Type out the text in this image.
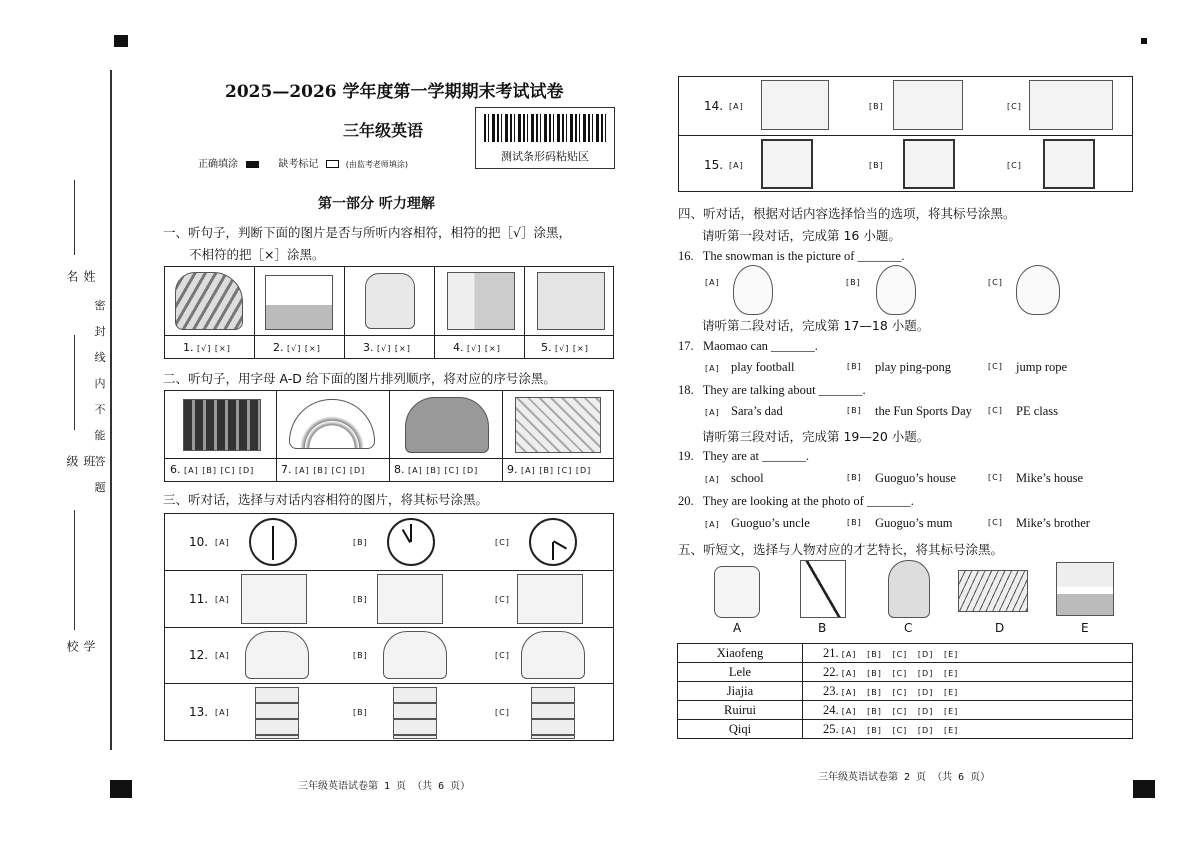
姓名
班级
学校
密
封
线
内
不
能
答
题
2025—2026 学年度第一学期期末考试试卷
三年级英语
正确填涂	缺考标记	(由监考老师填涂)
测试条形码粘贴区
第一部分 听力理解
一、听句子，判断下面的图片是否与所听内容相符，相符的把［√］涂黑，
不相符的把［×］涂黑。
1. [√] [×]	2. [√] [×]	3. [√] [×]	4. [√] [×]	5. [√] [×]
二、听句子，用字母 A-D 给下面的图片排列顺序，将对应的序号涂黑。
6. [A] [B] [C] [D] 7. [A] [B] [C] [D]	8. [A] [B] [C] [D]	9. [A] [B] [C] [D]
三、听对话，选择与对话内容相符的图片，将其标号涂黑。
10. [A]	[B]	[C]
11. [A]	[B]	[C]
12. [A]	[B]	[C]
13. [A]	[B]	[C]
三年级英语试卷第 1 页 （共 6 页）
14. [A]	[B]	[C]
15. [A]	[B]	[C]
四、听对话，根据对话内容选择恰当的选项，将其标号涂黑。
请听第一段对话，完成第 16 小题。
16.   The snowman is the picture of _______.
[A]	[B]	[C]
请听第二段对话，完成第 17—18 小题。
17.   Maomao can _______.
[A] play football	[B] play ping-pong	[C] jump rope
18.   They are talking about _______.
[A] Sara’s dad	[B] the Fun Sports Day [C] PE class
请听第三段对话，完成第 19—20 小题。
19.   They are at _______.
[A] school	[B] Guoguo’s house	[C] Mike’s house
20.   They are looking at the photo of _______.
[A] Guoguo’s uncle	[B] Guoguo’s mum	[C] Mike’s brother
五、听短文，选择与人物对应的才艺特长，将其标号涂黑。
A	B	C	D	E
Xiaofeng	21. [A]   [B]   [C]   [D]   [E]
Lele	22. [A]   [B]   [C]   [D]   [E]
Jiajia	23. [A]   [B]   [C]   [D]   [E]
Ruirui	24. [A]   [B]   [C]   [D]   [E]
Qiqi	25. [A]   [B]   [C]   [D]   [E]
三年级英语试卷第 2 页 （共 6 页）
